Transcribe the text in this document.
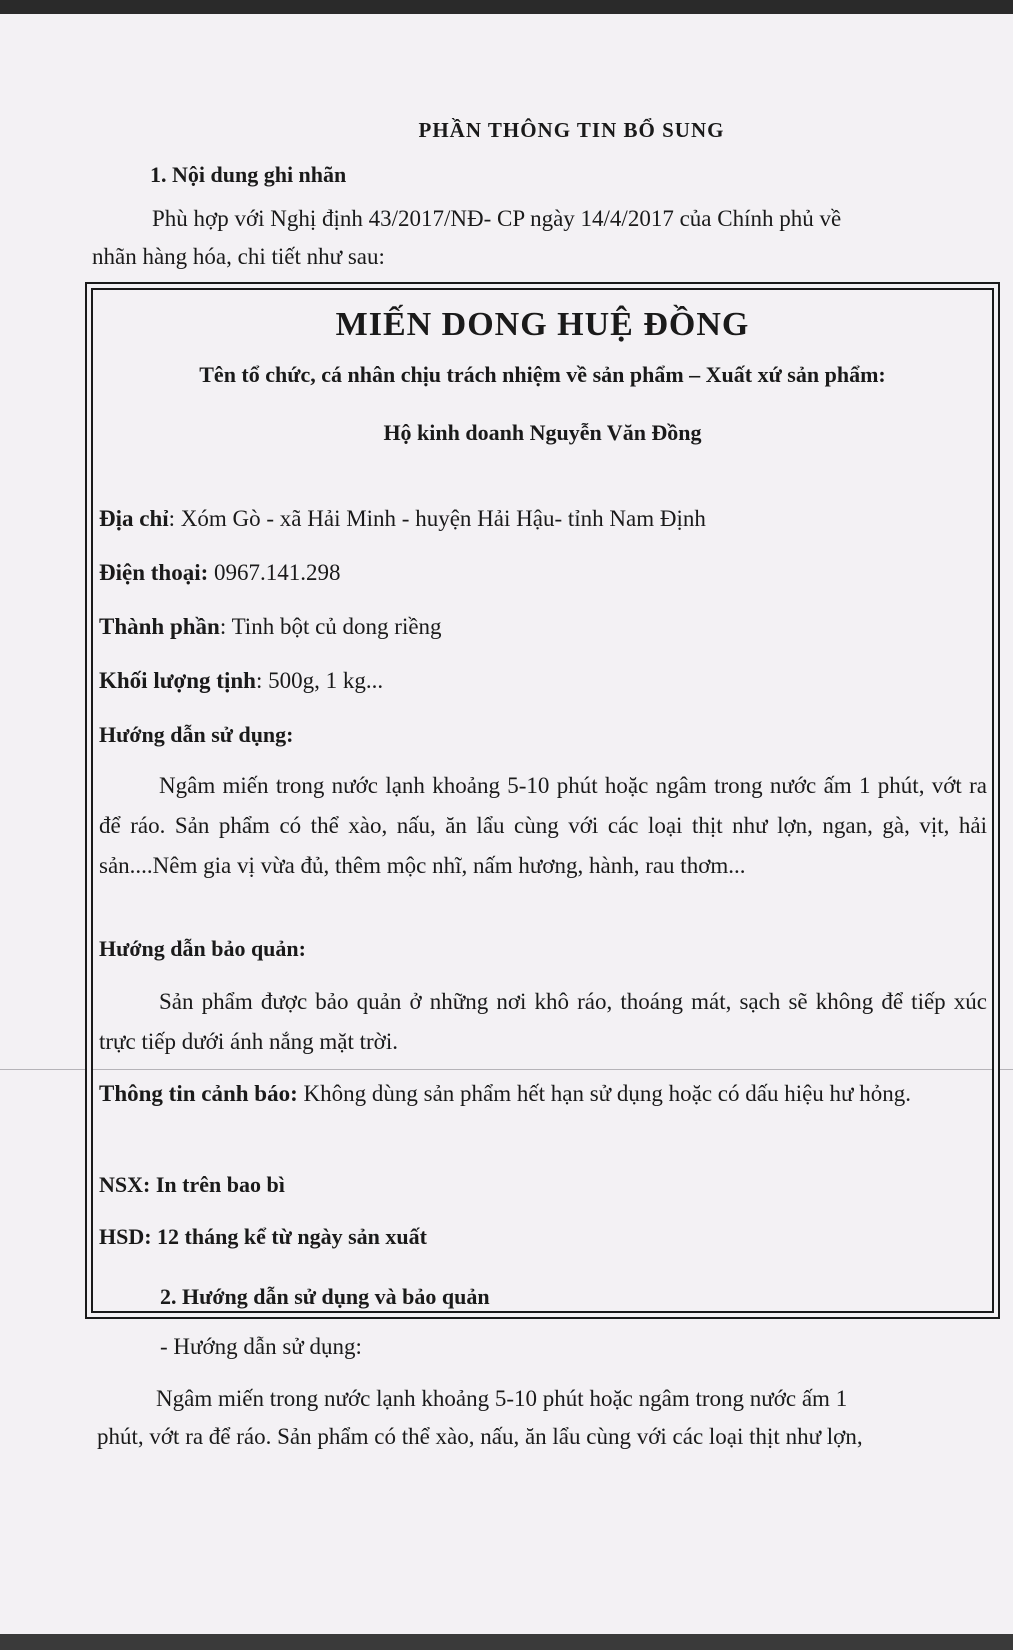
PHẦN THÔNG TIN BỔ SUNG
1. Nội dung ghi nhãn
Phù hợp với Nghị định 43/2017/NĐ- CP ngày 14/4/2017 của Chính phủ về
nhãn hàng hóa, chi tiết như sau:
MIẾN DONG HUỆ ĐỒNG
Tên tổ chức, cá nhân chịu trách nhiệm về sản phẩm – Xuất xứ sản phẩm:
Hộ kinh doanh Nguyễn Văn Đồng
Địa chỉ: Xóm Gò - xã Hải Minh - huyện Hải Hậu- tỉnh Nam Định
Điện thoại: 0967.141.298
Thành phần: Tinh bột củ dong riềng
Khối lượng tịnh: 500g, 1 kg...
Hướng dẫn sử dụng:
Ngâm miến trong nước lạnh khoảng 5-10 phút hoặc ngâm trong nước ấm 1 phút, vớt ra để ráo. Sản phẩm có thể xào, nấu, ăn lẩu cùng với các loại thịt như lợn, ngan, gà, vịt, hải sản....Nêm gia vị vừa đủ, thêm mộc nhĩ, nấm hương, hành, rau thơm...
Hướng dẫn bảo quản:
Sản phẩm được bảo quản ở những nơi khô ráo, thoáng mát, sạch sẽ không để tiếp xúc trực tiếp dưới ánh nắng mặt trời.
Thông tin cảnh báo: Không dùng sản phẩm hết hạn sử dụng hoặc có dấu hiệu hư hỏng.
NSX: In trên bao bì
HSD: 12 tháng kể từ ngày sản xuất
2. Hướng dẫn sử dụng và bảo quản
- Hướng dẫn sử dụng:
Ngâm miến trong nước lạnh khoảng 5-10 phút hoặc ngâm trong nước ấm 1
phút, vớt ra để ráo. Sản phẩm có thể xào, nấu, ăn lẩu cùng với các loại thịt như lợn,
